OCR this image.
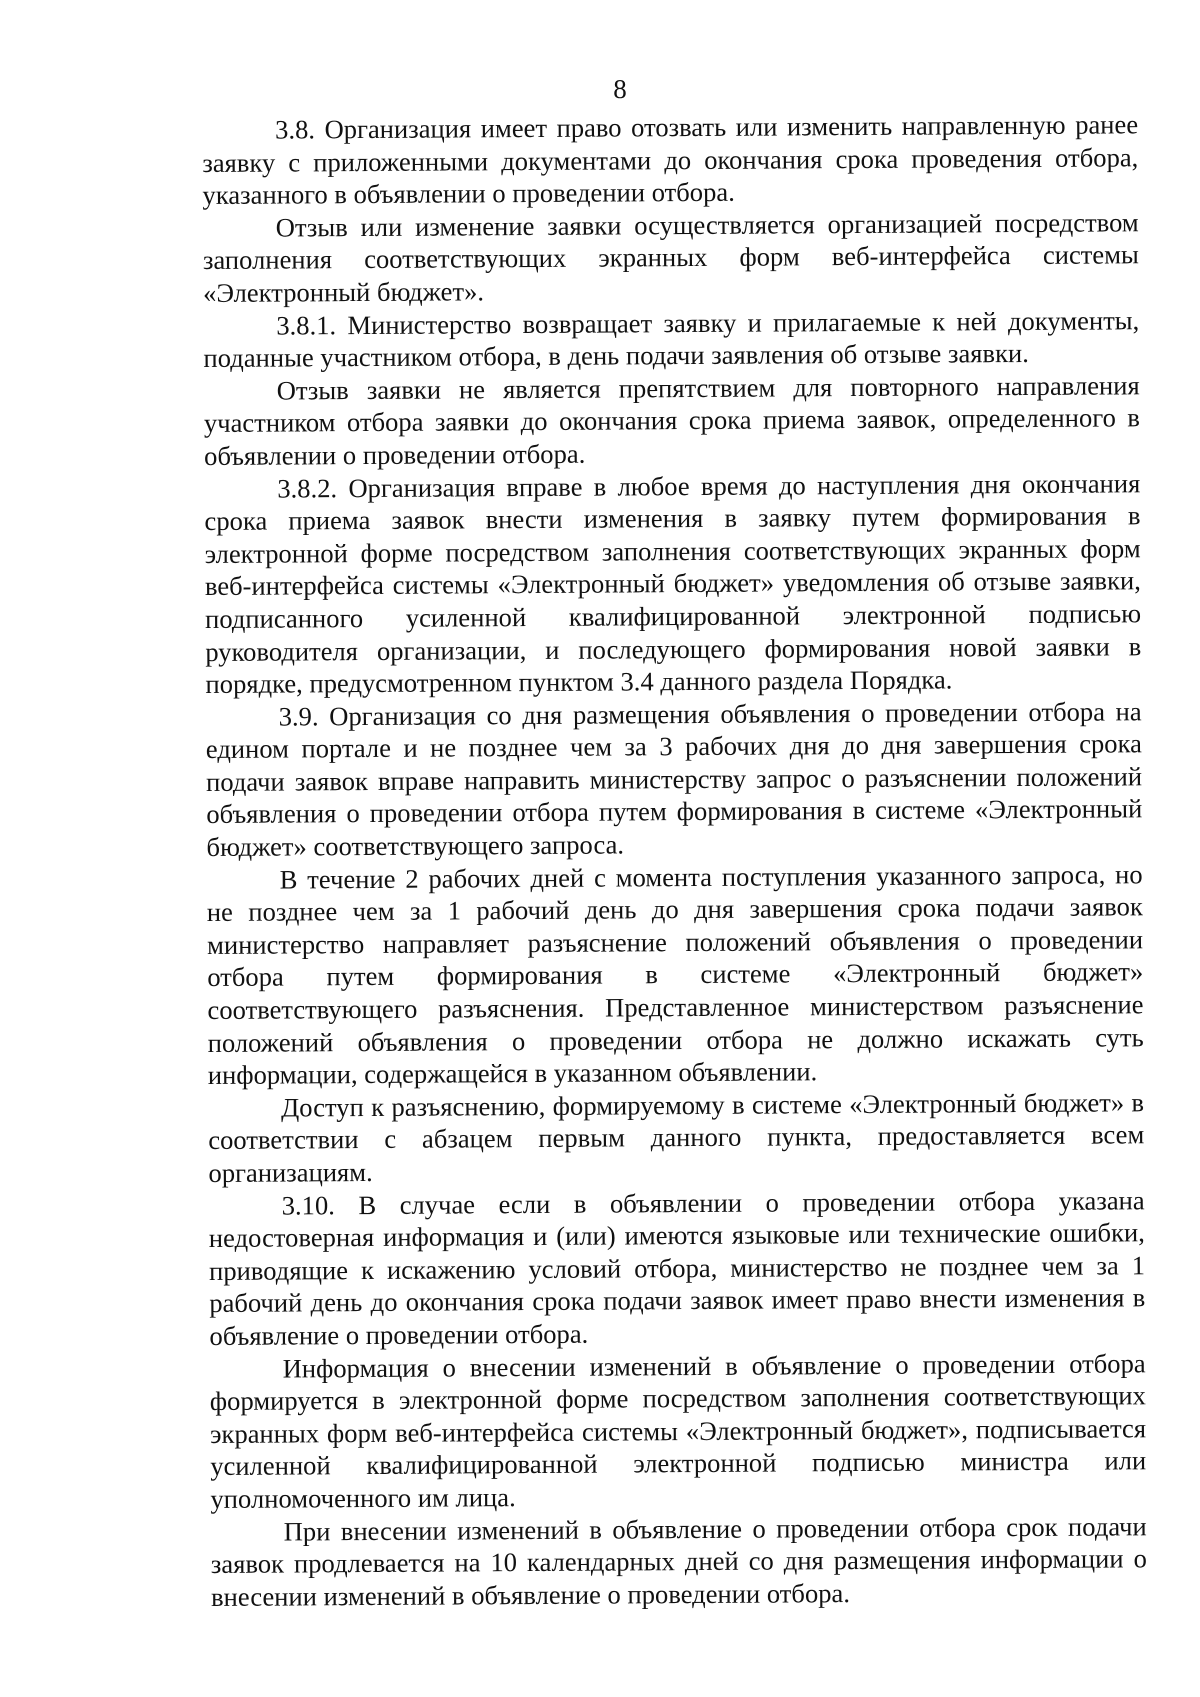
8

3.8. Организация имеет право отозвать или изменить направленную ранее заявку с приложенными документами до окончания срока проведения отбора, указанного в объявлении о проведении отбора.

Отзыв или изменение заявки осуществляется организацией посредством заполнения соответствующих экранных форм веб-интерфейса системы «Электронный бюджет».

3.8.1. Министерство возвращает заявку и прилагаемые к ней документы, поданные участником отбора, в день подачи заявления об отзыве заявки.

Отзыв заявки не является препятствием для повторного направления участником отбора заявки до окончания срока приема заявок, определенного в объявлении о проведении отбора.

3.8.2. Организация вправе в любое время до наступления дня окончания срока приема заявок внести изменения в заявку путем формирования в электронной форме посредством заполнения соответствующих экранных форм веб-интерфейса системы «Электронный бюджет» уведомления об отзыве заявки, подписанного усиленной квалифицированной электронной подписью руководителя организации, и последующего формирования новой заявки в порядке, предусмотренном пунктом 3.4 данного раздела Порядка.

3.9. Организация со дня размещения объявления о проведении отбора на едином портале и не позднее чем за 3 рабочих дня до дня завершения срока подачи заявок вправе направить министерству запрос о разъяснении положений объявления о проведении отбора путем формирования в системе «Электронный бюджет» соответствующего запроса.

В течение 2 рабочих дней с момента поступления указанного запроса, но не позднее чем за 1 рабочий день до дня завершения срока подачи заявок министерство направляет разъяснение положений объявления о проведении отбора путем формирования в системе «Электронный бюджет» соответствующего разъяснения. Представленное министерством разъяснение положений объявления о проведении отбора не должно искажать суть информации, содержащейся в указанном объявлении.

Доступ к разъяснению, формируемому в системе «Электронный бюджет» в соответствии с абзацем первым данного пункта, предоставляется всем организациям.

3.10. В случае если в объявлении о проведении отбора указана недостоверная информация и (или) имеются языковые или технические ошибки, приводящие к искажению условий отбора, министерство не позднее чем за 1 рабочий день до окончания срока подачи заявок имеет право внести изменения в объявление о проведении отбора.

Информация о внесении изменений в объявление о проведении отбора формируется в электронной форме посредством заполнения соответствующих экранных форм веб-интерфейса системы «Электронный бюджет», подписывается усиленной квалифицированной электронной подписью министра или уполномоченного им лица.

При внесении изменений в объявление о проведении отбора срок подачи заявок продлевается на 10 календарных дней со дня размещения информации о внесении изменений в объявление о проведении отбора.
